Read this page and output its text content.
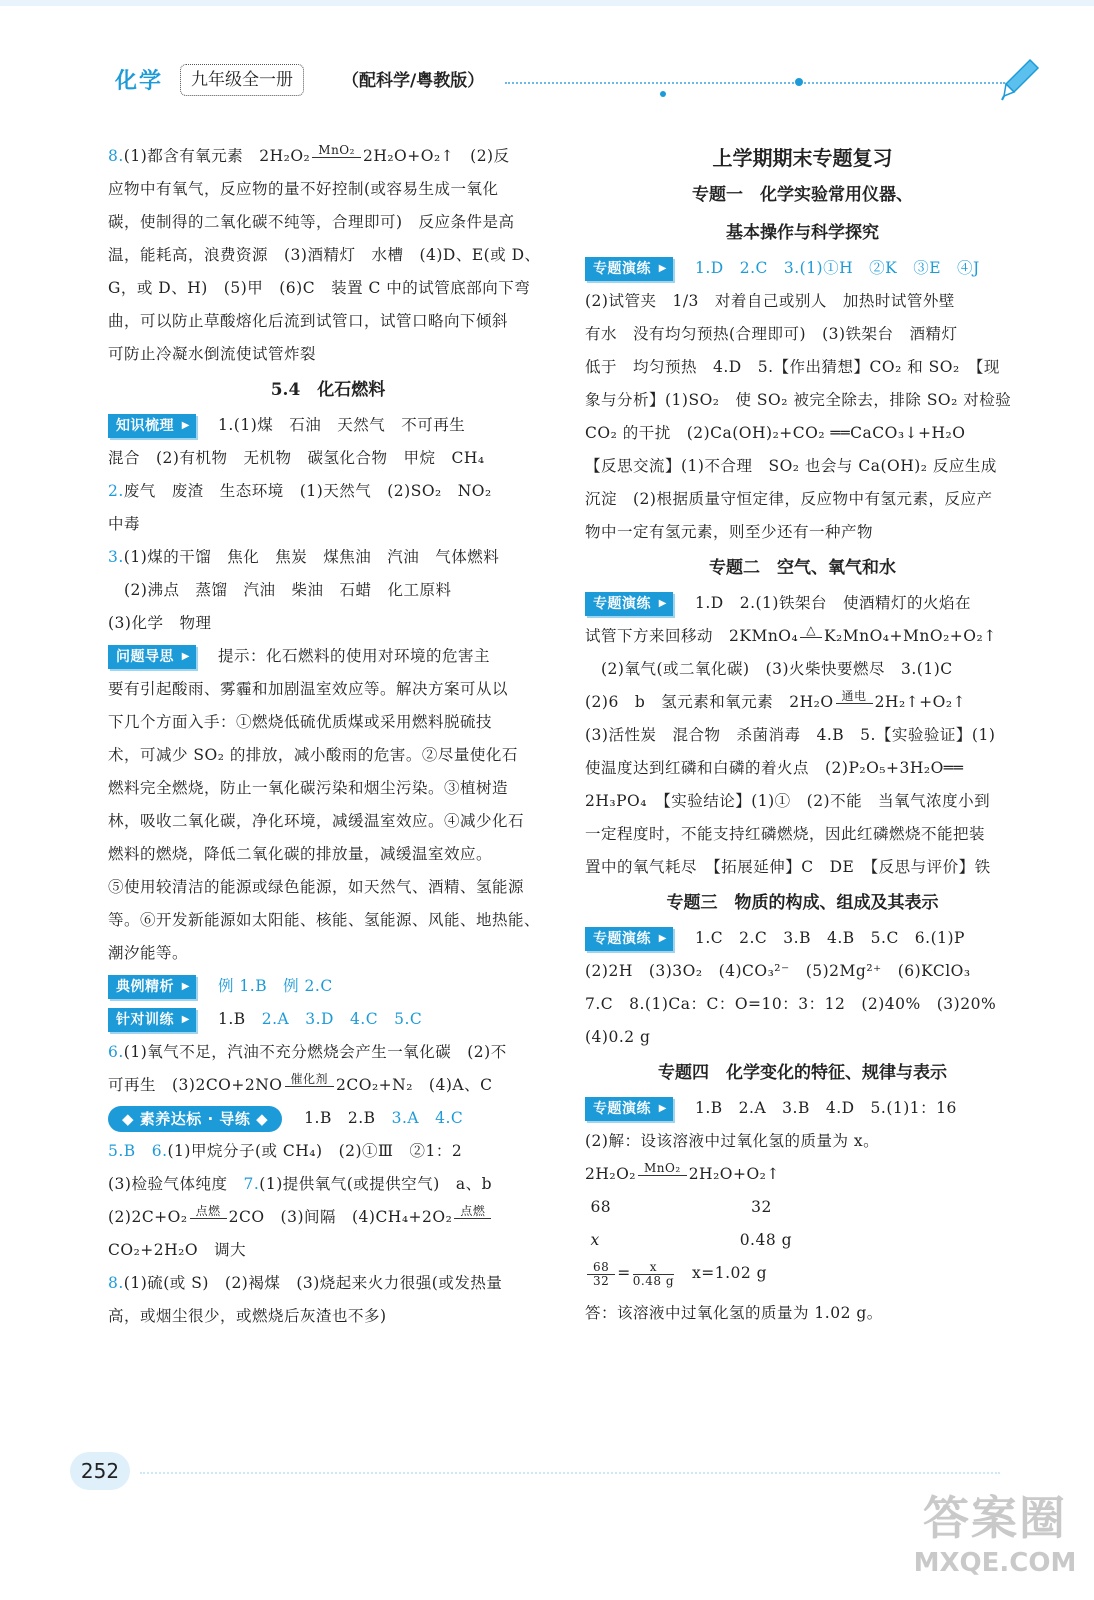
化学	九年级全一册	（配科学/粤教版）
8.(1)都含有氧元素　2H₂O₂ MnO₂
2H₂O+O₂↑　(2)反
应物中有氧气，反应物的量不好控制(或容易生成一氧化
碳，使制得的二氧化碳不纯等，合理即可)　反应条件是高
温，能耗高，浪费资源　(3)酒精灯　水槽　(4)D、E(或 D、
G，或 D、H)　(5)甲　(6)C　装置 C 中的试管底部向下弯
曲，可以防止草酸熔化后流到试管口，试管口略向下倾斜
可防止冷凝水倒流使试管炸裂
5.4　化石燃料
知识梳理 ▶	1.(1)煤　石油　天然气　不可再生
混合　(2)有机物　无机物　碳氢化合物　甲烷　CH₄
2.废气　废渣　生态环境　(1)天然气　(2)SO₂　NO₂
中毒
3.(1)煤的干馏　焦化　焦炭　煤焦油　汽油　气体燃料
　(2)沸点　蒸馏　汽油　柴油　石蜡　化工原料
(3)化学　物理
问题导思 ▶	提示：化石燃料的使用对环境的危害主
要有引起酸雨、雾霾和加剧温室效应等。解决方案可从以
下几个方面入手：①燃烧低硫优质煤或采用燃料脱硫技
术，可减少 SO₂ 的排放，减小酸雨的危害。②尽量使化石
燃料完全燃烧，防止一氧化碳污染和烟尘污染。③植树造
林，吸收二氧化碳，净化环境，减缓温室效应。④减少化石
燃料的燃烧，降低二氧化碳的排放量，减缓温室效应。
⑤使用较清洁的能源或绿色能源，如天然气、酒精、氢能源
等。⑥开发新能源如太阳能、核能、氢能源、风能、地热能、
潮汐能等。
典例精析 ▶	例 1.B　 例 2.C
针对训练 ▶	1.B　 2.A　 3.D　 4.C　 5.C
6.(1)氧气不足，汽油不充分燃烧会产生一氧化碳　(2)不
可再生　(3)2CO+2NO 催化剂
2CO₂+N₂　(4)A、C
◆ 素养达标 · 导练 ◆ 1.B　 2.B　 3.A　 4.C
5.B　 6.(1)甲烷分子(或 CH₄)　(2)①Ⅲ　②1：2
(3)检验气体纯度　 7.(1)提供氧气(或提供空气)　a、b
(2)2C+O₂ 点燃
2CO　(3)间隔　(4)CH₄+2O₂ 点燃

CO₂+2H₂O　调大
8.(1)硫(或 S)　(2)褐煤　(3)烧起来火力很强(或发热量
高，或烟尘很少，或燃烧后灰渣也不多)
上学期期末专题复习
专题一　化学实验常用仪器、
基本操作与科学探究
专题演练 ▶	1.D　2.C　3.(1)①H　②K　③E　④J
(2)试管夹　1/3　对着自己或别人　加热时试管外壁
有水　没有均匀预热(合理即可)　(3)铁架台　酒精灯
低于　均匀预热　4.D　5.【作出猜想】CO₂ 和 SO₂　【现
象与分析】(1)SO₂　使 SO₂ 被完全除去，排除 SO₂ 对检验
CO₂ 的干扰　(2)Ca(OH)₂+CO₂ ══CaCO₃↓+H₂O
【反思交流】(1)不合理　SO₂ 也会与 Ca(OH)₂ 反应生成
沉淀　(2)根据质量守恒定律，反应物中有氢元素，反应产
物中一定有氢元素，则至少还有一种产物
专题二　空气、氧气和水
专题演练 ▶	1.D　2.(1)铁架台　使酒精灯的火焰在
试管下方来回移动　2KMnO₄ △
K₂MnO₄+MnO₂+O₂↑
　(2)氧气(或二氧化碳)　(3)火柴快要燃尽　3.(1)C
(2)6　b　氢元素和氧元素　2H₂O 通电
2H₂↑+O₂↑
(3)活性炭　混合物　杀菌消毒　4.B　5.【实验验证】(1)
使温度达到红磷和白磷的着火点　(2)P₂O₅+3H₂O══
2H₃PO₄　【实验结论】(1)①　(2)不能　当氧气浓度小到
一定程度时，不能支持红磷燃烧，因此红磷燃烧不能把装
置中的氧气耗尽　【拓展延伸】C　DE　【反思与评价】铁
专题三　物质的构成、组成及其表示
专题演练 ▶	1.C　2.C　3.B　4.B　5.C　6.(1)P
(2)2H　(3)3O₂　(4)CO₃²⁻　(5)2Mg²⁺　(6)KClO₃
7.C　8.(1)Ca：C：O=10：3：12　(2)40%　(3)20%
(4)0.2 g
专题四　化学变化的特征、规律与表示
专题演练 ▶	1.B　2.A　3.B　4.D　5.(1)1：16
(2)解：设该溶液中过氧化氢的质量为 x。
2H₂O₂ MnO₂
2H₂O+O₂↑
68	32
x	0.48 g
$\frac{68}{32} = \frac{x}{0.48 g}$
　 x=1.02 g
答：该溶液中过氧化氢的质量为 1.02 g。
252
答案圈
MXQE.COM
